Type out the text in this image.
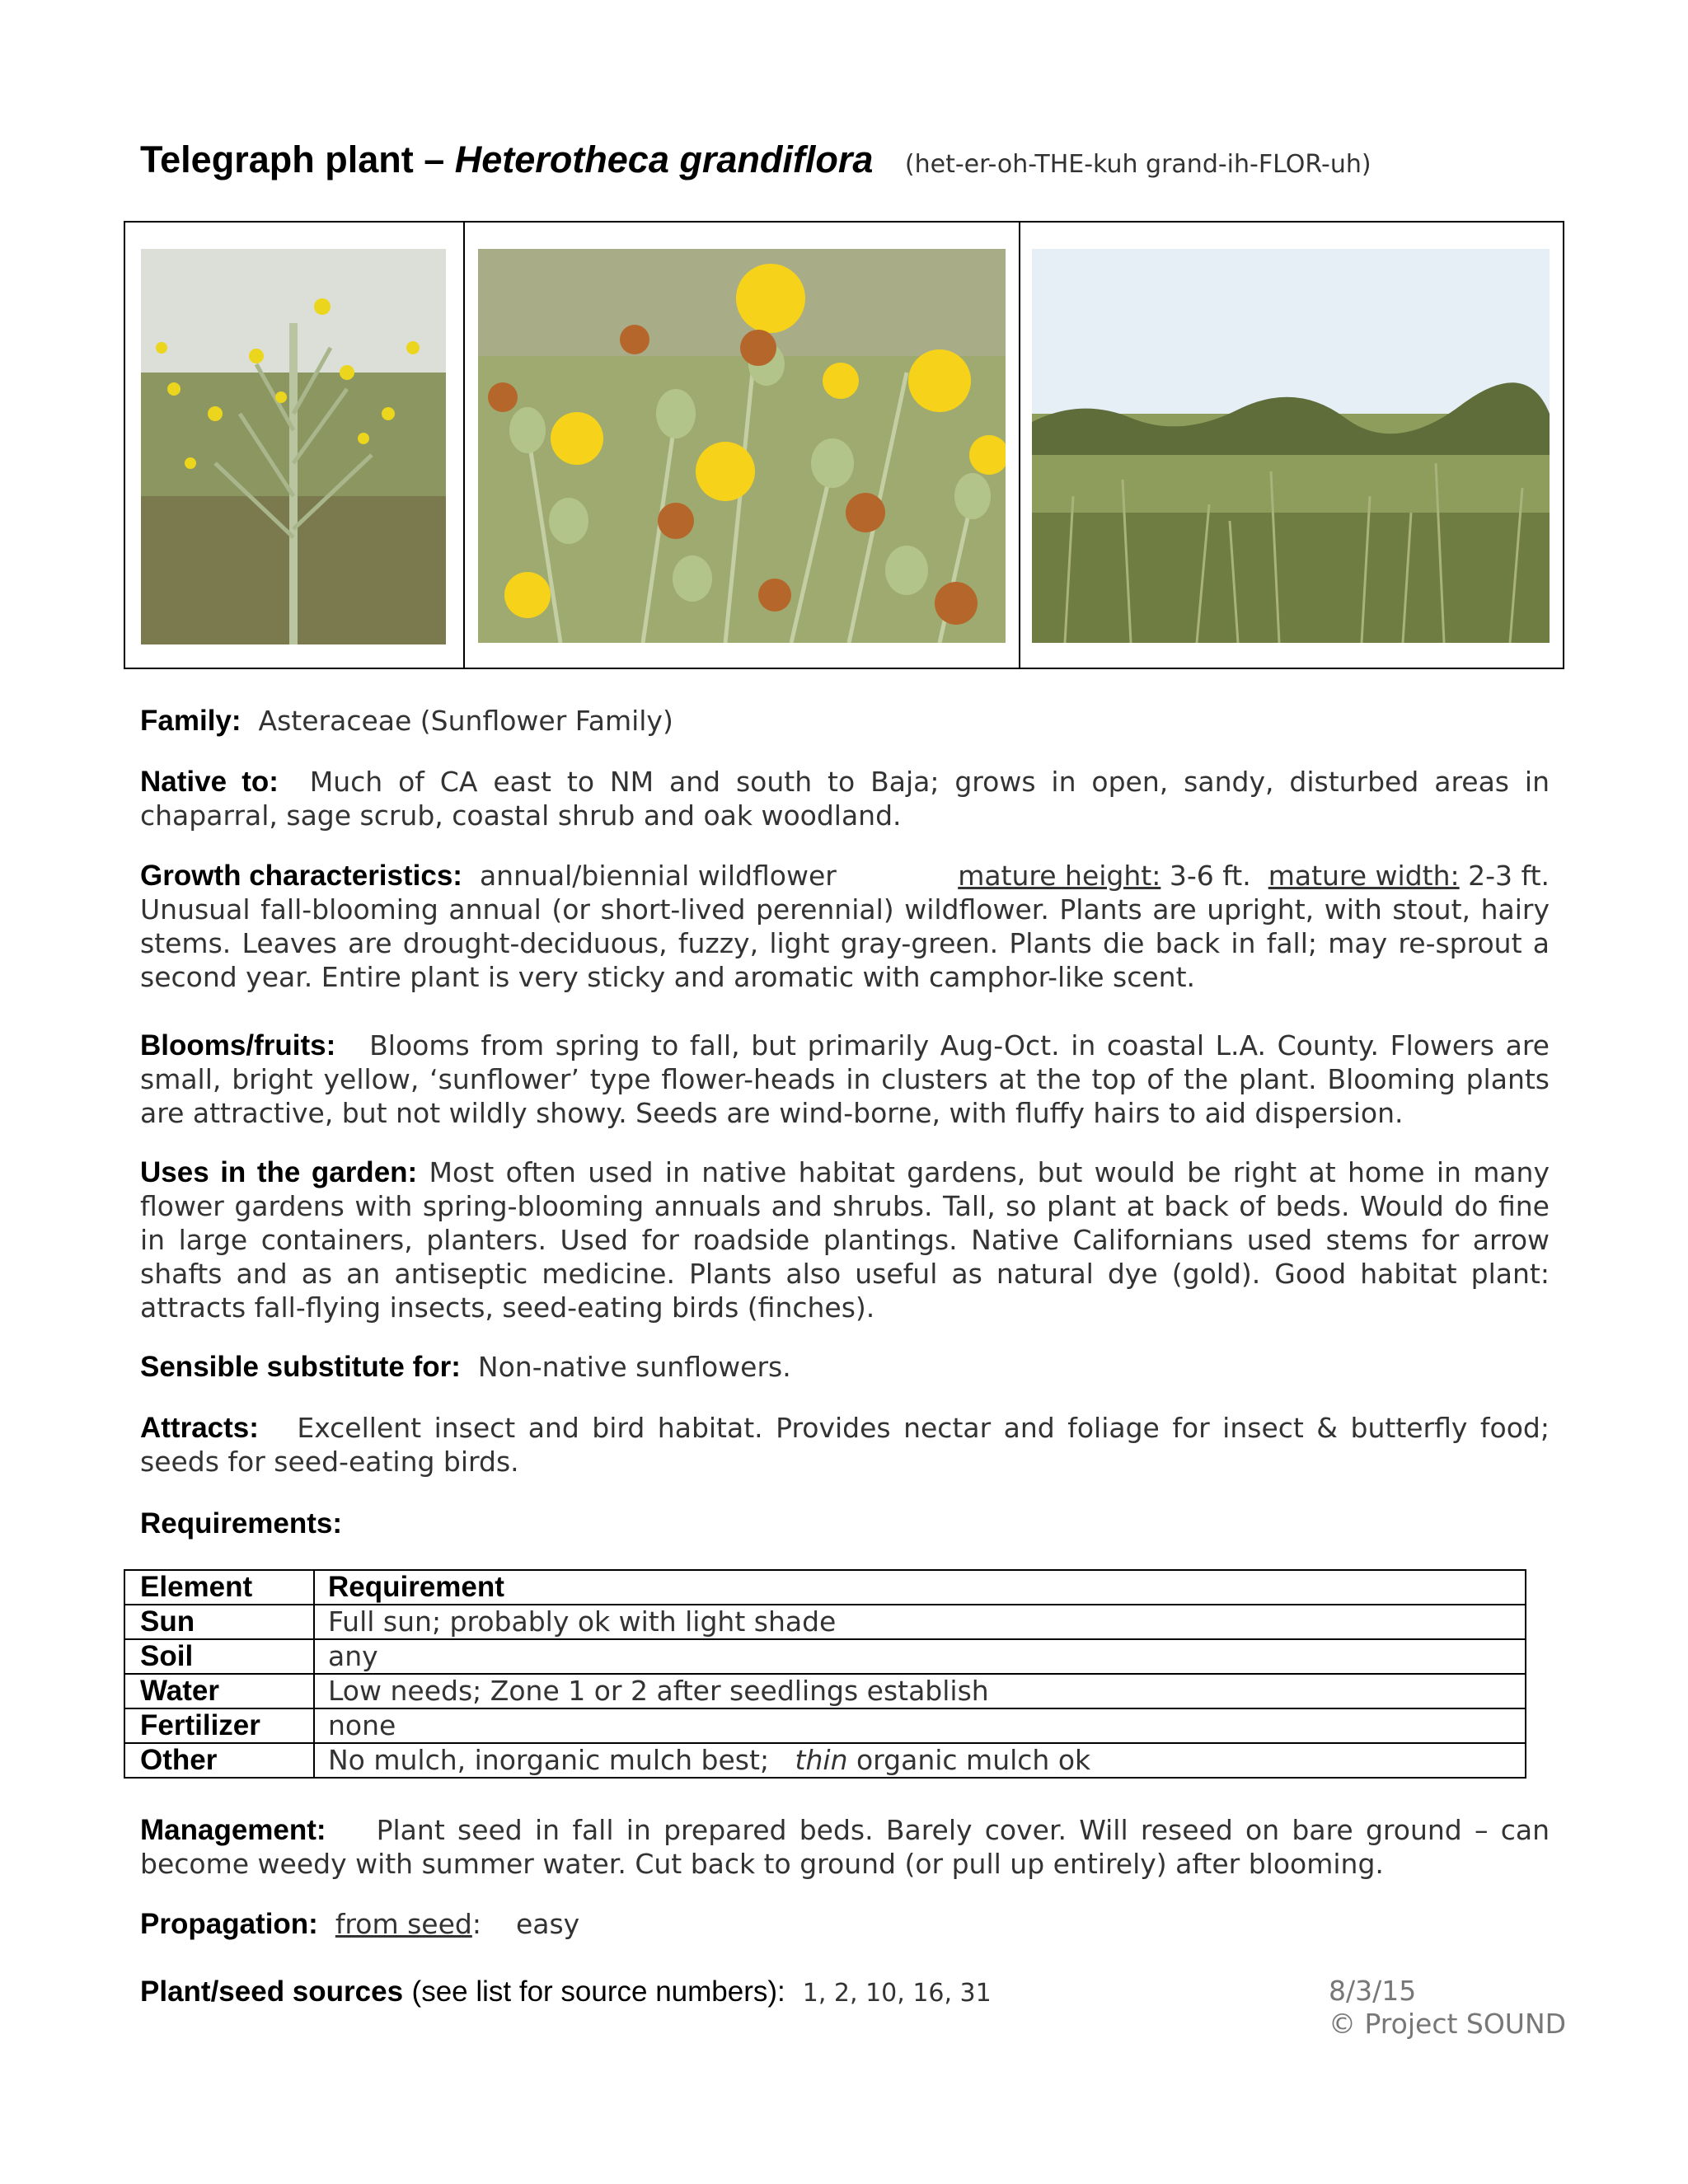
Telegraph plant – Heterotheca grandiflora (het-er-oh-THE-kuh grand-ih-FLOR-uh)
Family: Asteraceae (Sunflower Family)
Native to: Much of CA east to NM and south to Baja; grows in open, sandy, disturbed areas in chaparral, sage scrub, coastal shrub and oak woodland.
Growth characteristics: annual/biennial wildflower	mature height: 3-6 ft. mature width: 2-3 ft.
Unusual fall-blooming annual (or short-lived perennial) wildflower. Plants are upright, with stout, hairy stems. Leaves are drought-deciduous, fuzzy, light gray-green. Plants die back in fall; may re-sprout a second year. Entire plant is very sticky and aromatic with camphor-like scent.
Blooms/fruits: Blooms from spring to fall, but primarily Aug-Oct. in coastal L.A. County. Flowers are small, bright yellow, ‘sunflower’ type flower-heads in clusters at the top of the plant. Blooming plants are attractive, but not wildly showy. Seeds are wind-borne, with fluffy hairs to aid dispersion.
Uses in the garden: Most often used in native habitat gardens, but would be right at home in many flower gardens with spring-blooming annuals and shrubs. Tall, so plant at back of beds. Would do fine in large containers, planters. Used for roadside plantings. Native Californians used stems for arrow shafts and as an antiseptic medicine. Plants also useful as natural dye (gold). Good habitat plant: attracts fall-flying insects, seed-eating birds (finches).
Sensible substitute for: Non-native sunflowers.
Attracts: Excellent insect and bird habitat. Provides nectar and foliage for insect & butterfly food; seeds for seed-eating birds.
Requirements:
Element	Requirement
Sun	Full sun; probably ok with light shade
Soil	any
Water	Low needs; Zone 1 or 2 after seedlings establish
Fertilizer	none
Other	No mulch, inorganic mulch best; thin organic mulch ok
Management: Plant seed in fall in prepared beds. Barely cover. Will reseed on bare ground – can become weedy with summer water. Cut back to ground (or pull up entirely) after blooming.
Propagation: from seed: easy
Plant/seed sources (see list for source numbers): 1, 2, 10, 16, 31	8/3/15
© Project SOUND
